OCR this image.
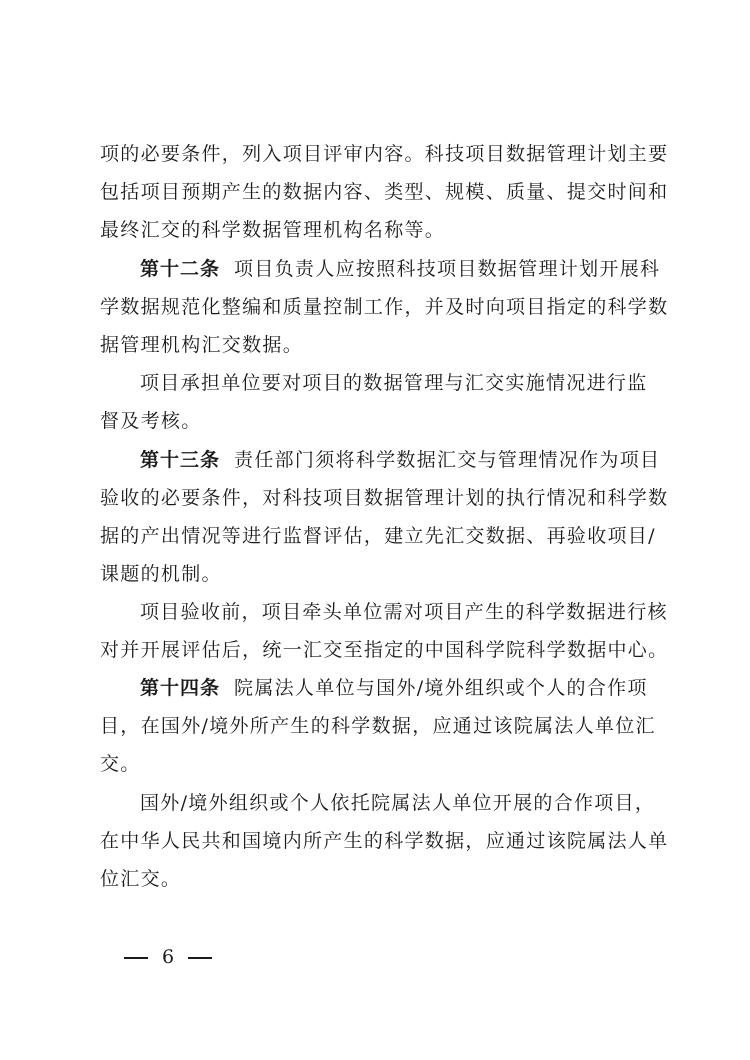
项的必要条件，列入项目评审内容。科技项目数据管理计划主要
包括项目预期产生的数据内容、类型、规模、质量、提交时间和
最终汇交的科学数据管理机构名称等。
第十二条 项目负责人应按照科技项目数据管理计划开展科
学数据规范化整编和质量控制工作，并及时向项目指定的科学数
据管理机构汇交数据。
项目承担单位要对项目的数据管理与汇交实施情况进行监
督及考核。
第十三条 责任部门须将科学数据汇交与管理情况作为项目
验收的必要条件，对科技项目数据管理计划的执行情况和科学数
据的产出情况等进行监督评估，建立先汇交数据、再验收项目/
课题的机制。
项目验收前，项目牵头单位需对项目产生的科学数据进行核
对并开展评估后，统一汇交至指定的中国科学院科学数据中心。
第十四条 院属法人单位与国外/境外组织或个人的合作项
目，在国外/境外所产生的科学数据，应通过该院属法人单位汇
交。
国外/境外组织或个人依托院属法人单位开展的合作项目，
在中华人民共和国境内所产生的科学数据，应通过该院属法人单
位汇交。
6
